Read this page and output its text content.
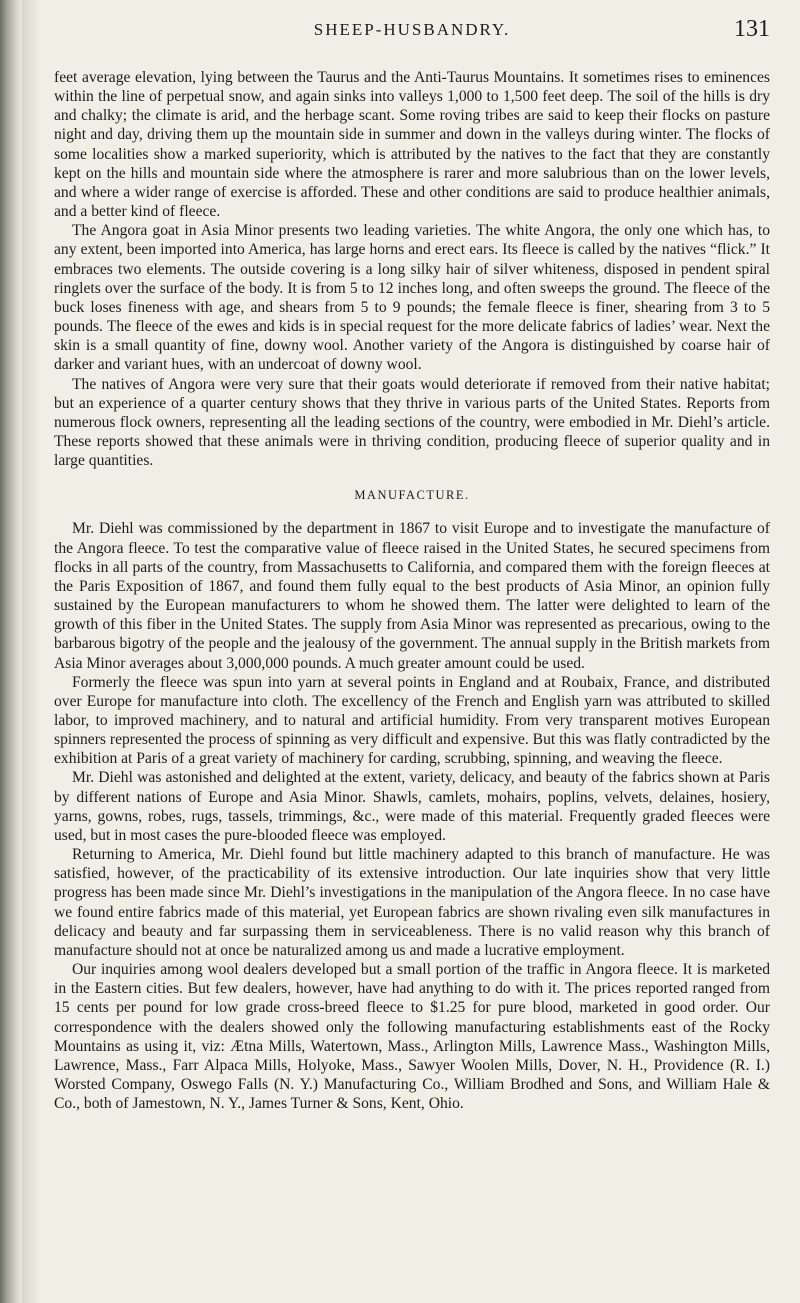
SHEEP-HUSBANDRY.	131

feet average elevation, lying between the Taurus and the Anti-Taurus Mountains. It sometimes rises to eminences within the line of perpetual snow, and again sinks into valleys 1,000 to 1,500 feet deep. The soil of the hills is dry and chalky; the climate is arid, and the herbage scant. Some roving tribes are said to keep their flocks on pasture night and day, driving them up the mountain side in summer and down in the valleys during winter. The flocks of some localities show a marked superiority, which is attributed by the natives to the fact that they are constantly kept on the hills and mountain side where the atmosphere is rarer and more salubrious than on the lower levels, and where a wider range of exercise is afforded. These and other conditions are said to produce healthier animals, and a better kind of fleece.

The Angora goat in Asia Minor presents two leading varieties. The white Angora, the only one which has, to any extent, been imported into America, has large horns and erect ears. Its fleece is called by the natives “flick.” It embraces two elements. The outside covering is a long silky hair of silver whiteness, disposed in pendent spiral ringlets over the surface of the body. It is from 5 to 12 inches long, and often sweeps the ground. The fleece of the buck loses fineness with age, and shears from 5 to 9 pounds; the female fleece is finer, shearing from 3 to 5 pounds. The fleece of the ewes and kids is in special request for the more delicate fabrics of ladies’ wear. Next the skin is a small quantity of fine, downy wool. Another variety of the Angora is distinguished by coarse hair of darker and variant hues, with an undercoat of downy wool.

The natives of Angora were very sure that their goats would deteriorate if removed from their native habitat; but an experience of a quarter century shows that they thrive in various parts of the United States. Reports from numerous flock owners, representing all the leading sections of the country, were embodied in Mr. Diehl’s article. These reports showed that these animals were in thriving condition, producing fleece of superior quality and in large quantities.

MANUFACTURE.

Mr. Diehl was commissioned by the department in 1867 to visit Europe and to investigate the manufacture of the Angora fleece. To test the comparative value of fleece raised in the United States, he secured specimens from flocks in all parts of the country, from Massachusetts to California, and compared them with the foreign fleeces at the Paris Exposition of 1867, and found them fully equal to the best products of Asia Minor, an opinion fully sustained by the European manufacturers to whom he showed them. The latter were delighted to learn of the growth of this fiber in the United States. The supply from Asia Minor was represented as precarious, owing to the barbarous bigotry of the people and the jealousy of the government. The annual supply in the British markets from Asia Minor averages about 3,000,000 pounds. A much greater amount could be used.

Formerly the fleece was spun into yarn at several points in England and at Roubaix, France, and distributed over Europe for manufacture into cloth. The excellency of the French and English yarn was attributed to skilled labor, to improved machinery, and to natural and artificial humidity. From very transparent motives European spinners represented the process of spinning as very difficult and expensive. But this was flatly contradicted by the exhibition at Paris of a great variety of machinery for carding, scrubbing, spinning, and weaving the fleece.

Mr. Diehl was astonished and delighted at the extent, variety, delicacy, and beauty of the fabrics shown at Paris by different nations of Europe and Asia Minor. Shawls, camlets, mohairs, poplins, velvets, delaines, hosiery, yarns, gowns, robes, rugs, tassels, trimmings, &c., were made of this material. Frequently graded fleeces were used, but in most cases the pure-blooded fleece was employed.

Returning to America, Mr. Diehl found but little machinery adapted to this branch of manufacture. He was satisfied, however, of the practicability of its extensive introduction. Our late inquiries show that very little progress has been made since Mr. Diehl’s investigations in the manipulation of the Angora fleece. In no case have we found entire fabrics made of this material, yet European fabrics are shown rivaling even silk manufactures in delicacy and beauty and far surpassing them in serviceableness. There is no valid reason why this branch of manufacture should not at once be naturalized among us and made a lucrative employment.

Our inquiries among wool dealers developed but a small portion of the traffic in Angora fleece. It is marketed in the Eastern cities. But few dealers, however, have had anything to do with it. The prices reported ranged from 15 cents per pound for low grade cross-breed fleece to $1.25 for pure blood, marketed in good order. Our correspondence with the dealers showed only the following manufacturing establishments east of the Rocky Mountains as using it, viz: Ætna Mills, Watertown, Mass., Arlington Mills, Lawrence Mass., Washington Mills, Lawrence, Mass., Farr Alpaca Mills, Holyoke, Mass., Sawyer Woolen Mills, Dover, N. H., Providence (R. I.) Worsted Company, Oswego Falls (N. Y.) Manufacturing Co., William Brodhed and Sons, and William Hale & Co., both of Jamestown, N. Y., James Turner & Sons, Kent, Ohio.
